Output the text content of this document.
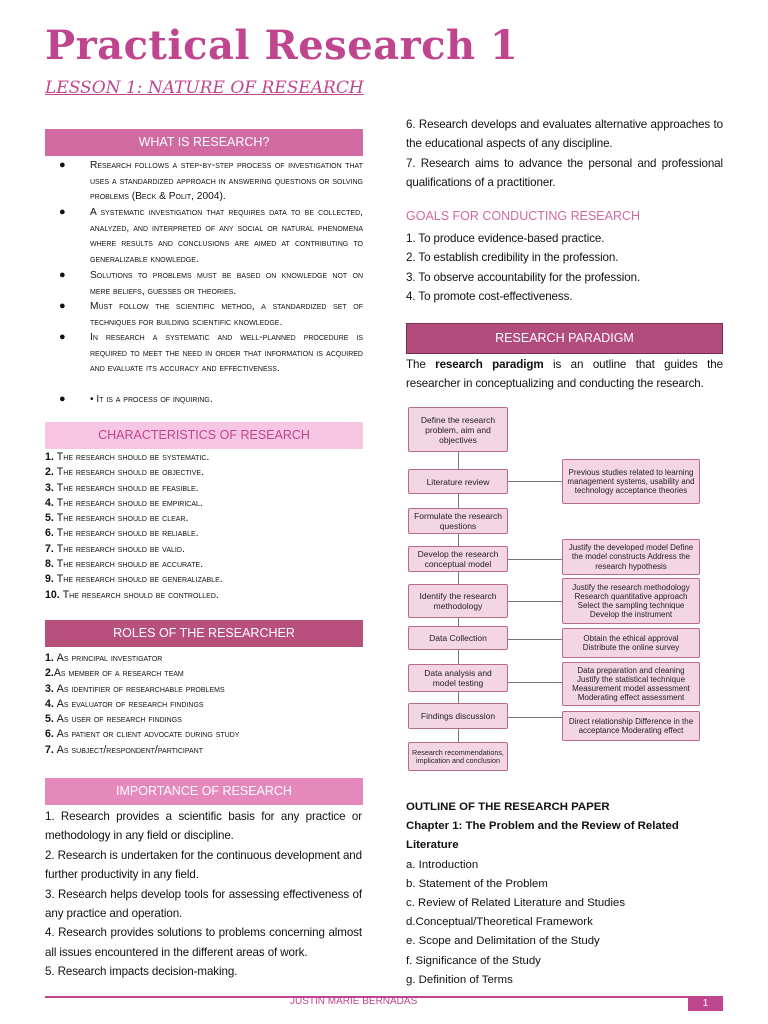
Practical Research 1
LESSON 1: NATURE OF RESEARCH
WHAT IS RESEARCH?
● Research follows a step-by-step process of investigation that uses a standardized approach in answering questions or solving problems (Beck & Polit, 2004).
● A systematic investigation that requires data to be collected, analyzed, and interpreted of any social or natural phenomena where results and conclusions are aimed at contributing to generalizable knowledge.
● Solutions to problems must be based on knowledge not on mere beliefs, guesses or theories.
● Must follow the scientific method, a standardized set of techniques for building scientific knowledge.
● In research a systematic and well-planned procedure is required to meet the need in order that information is acquired and evaluate its accuracy and effectiveness.
● • It is a process of inquiring.
CHARACTERISTICS OF RESEARCH
1. The research should be systematic.
2. The research should be objective.
3. The research should be feasible.
4. The research should be empirical.
5. The research should be clear.
6. The research should be reliable.
7. The research should be valid.
8. The research should be accurate.
9. The research should be generalizable.
10. The research should be controlled.
ROLES OF THE RESEARCHER
1. As principal investigator
2.As member of a research team
3. As identifier of researchable problems
4. As evaluator of research findings
5. As user of research findings
6. As patient or client advocate during study
7. As subject/respondent/participant
IMPORTANCE OF RESEARCH
1. Research provides a scientific basis for any practice or methodology in any field or discipline.
2. Research is undertaken for the continuous development and further productivity in any field.
3. Research helps develop tools for assessing effectiveness of any practice and operation.
4. Research provides solutions to problems concerning almost all issues encountered in the different areas of work.
5. Research impacts decision-making.
6. Research develops and evaluates alternative approaches to the educational aspects of any discipline.
7. Research aims to advance the personal and professional qualifications of a practitioner.
GOALS FOR CONDUCTING RESEARCH
1. To produce evidence-based practice.
2. To establish credibility in the profession.
3. To observe accountability for the profession.
4. To promote cost-effectiveness.
RESEARCH PARADIGM
The research paradigm is an outline that guides the researcher in conceptualizing and conducting the research.
Define the research problem, aim and objectives
Literature review
Formulate the research questions
Develop the research conceptual model
Identify the research methodology
Data Collection
Data analysis and model testing
Findings discussion
Research recommendations, implication and conclusion
Previous studies related to learning management systems, usability and technology acceptance theories
Justify the developed model Define the model constructs Address the research hypothesis
Justify the research methodology Research quantitative approach Select the sampling technique Develop the instrument
Obtain the ethical approval Distribute the online survey
Data preparation and cleaning Justify the statistical technique Measurement model assessment Moderating effect assessment
Direct relationship Difference in the acceptance Moderating effect
OUTLINE OF THE RESEARCH PAPER
Chapter 1: The Problem and the Review of Related Literature
a. Introduction
b. Statement of the Problem
c. Review of Related Literature and Studies
d.Conceptual/Theoretical Framework
e. Scope and Delimitation of the Study
f. Significance of the Study
g. Definition of Terms
JUSTIN MARIE BERNADAS	1
